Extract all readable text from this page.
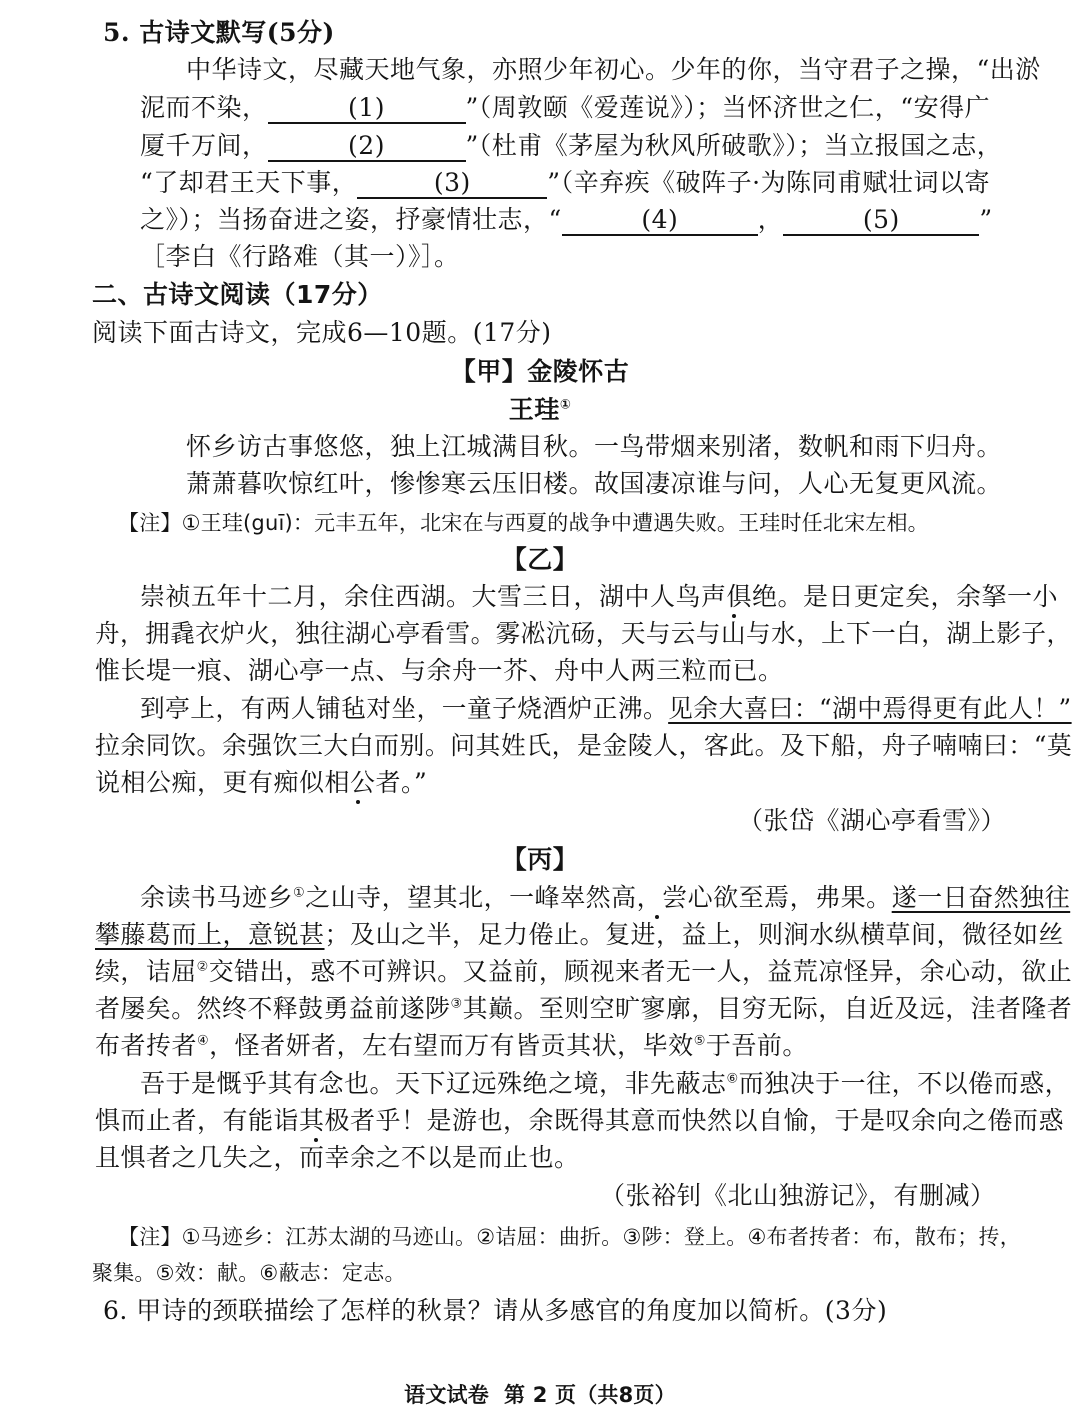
5. 古诗文默写(5分)
中华诗文，尽藏天地气象，亦照少年初心。少年的你，当守君子之操，“出淤
泥而不染，	(1)	”（周敦颐《爱莲说》）；当怀济世之仁，“安得广
厦千万间，	(2)	”（杜甫《茅屋为秋风所破歌》）；当立报国之志，
“了却君王天下事，	(3)	”（辛弃疾《破阵子·为陈同甫赋壮词以寄
之》）；当扬奋进之姿，抒豪情壮志，“	(4)	，	(5)	”
［李白《行路难（其一）》］。
二、古诗文阅读（17分）
阅读下面古诗文，完成6—10题。(17分)
【甲】金陵怀古
王珪①
怀乡访古事悠悠，独上江城满目秋。一鸟带烟来别渚，数帆和雨下归舟。
萧萧暮吹惊红叶，惨惨寒云压旧楼。故国凄凉谁与问，人心无复更风流。
【注】①王珪(guī)：元丰五年，北宋在与西夏的战争中遭遇失败。王珪时任北宋左相。
【乙】
崇祯五年十二月，余住西湖。大雪三日，湖中人鸟声俱绝。是日更定矣，余拏一小
舟，拥毳衣炉火，独往湖心亭看雪。雾凇沆砀，天与云与山与水，上下一白，湖上影子，
惟长堤一痕、湖心亭一点、与余舟一芥、舟中人两三粒而已。
到亭上，有两人铺毡对坐，一童子烧酒炉正沸。见余大喜曰：“湖中焉得更有此人！”
拉余同饮。余强饮三大白而别。问其姓氏，是金陵人，客此。及下船，舟子喃喃曰：“莫
说相公痴，更有痴似相公者。”
（张岱《湖心亭看雪》）
【丙】
余读书马迹乡①之山寺，望其北，一峰崒然高，尝心欲至焉，弗果。遂一日奋然独往
攀藤葛而上，意锐甚；及山之半，足力倦止。复进，益上，则涧水纵横草间，微径如丝
续，诘屈②交错出，惑不可辨识。又益前，顾视来者无一人，益荒凉怪异，余心动，欲止
者屡矣。然终不释鼓勇益前遂陟③其巅。至则空旷寥廓，目穷无际，自近及远，洼者隆者
布者抟者④，怪者妍者，左右望而万有皆贡其状，毕效⑤于吾前。
吾于是慨乎其有念也。天下辽远殊绝之境，非先蔽志⑥而独决于一往，不以倦而惑，
惧而止者，有能诣其极者乎！是游也，余既得其意而快然以自愉，于是叹余向之倦而惑
且惧者之几失之，而幸余之不以是而止也。
（张裕钊《北山独游记》，有删减）
【注】①马迹乡：江苏太湖的马迹山。②诘屈：曲折。③陟：登上。④布者抟者：布，散布；抟，
聚集。⑤效：献。⑥蔽志：定志。
6. 甲诗的颈联描绘了怎样的秋景？请从多感官的角度加以简析。(3分)
语文试卷  第 2 页（共8页）
